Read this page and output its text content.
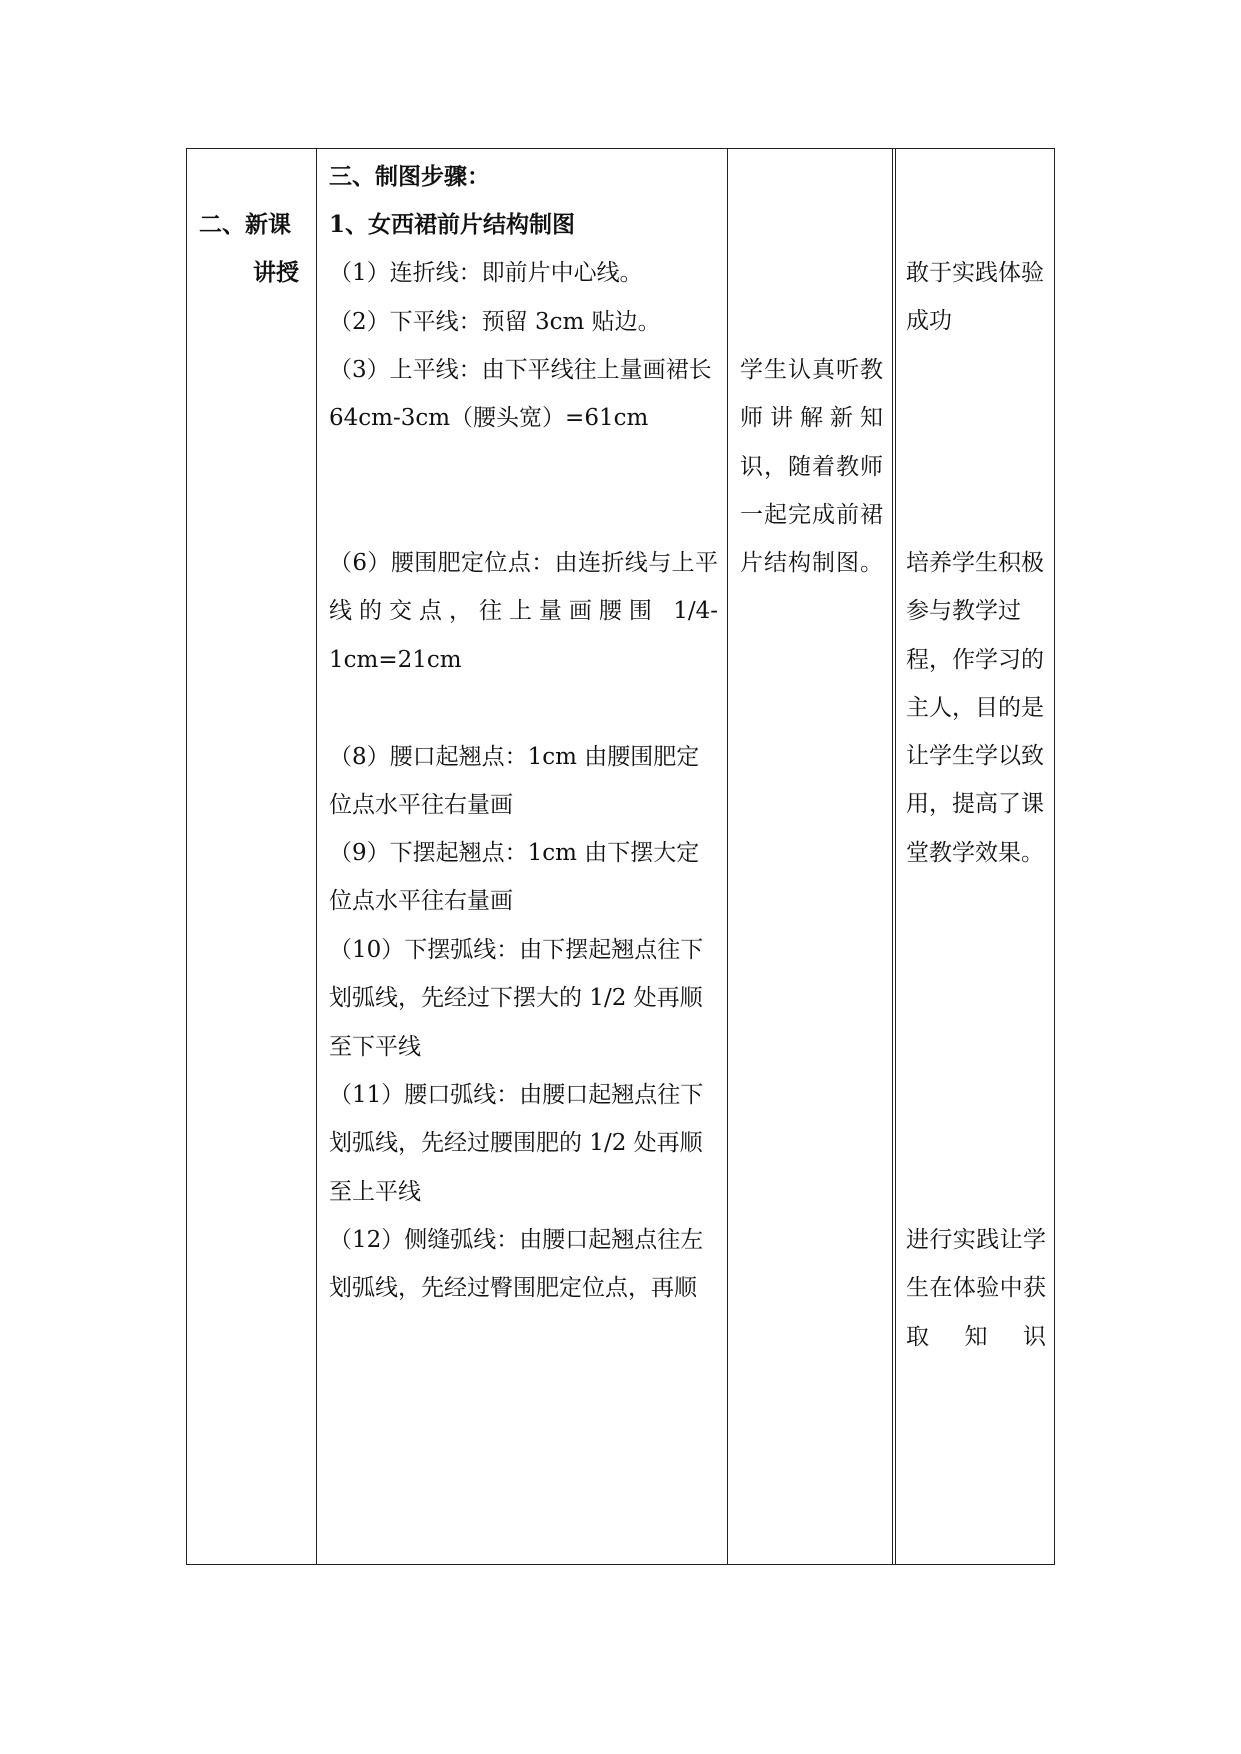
二、新课
讲授

三、制图步骤：

1、女西裙前片结构制图

（1）连折线：即前片中心线。

（2）下平线：预留 3cm 贴边。

（3）上平线：由下平线往上量画裙长 64cm-3cm（腰头宽）=61cm

（6）腰围肥定位点：由连折线与上平线的交点，往上量画腰围 1/4-1cm=21cm

（8）腰口起翘点：1cm 由腰围肥定位点水平往右量画

（9）下摆起翘点：1cm 由下摆大定位点水平往右量画

（10）下摆弧线：由下摆起翘点往下划弧线，先经过下摆大的 1/2 处再顺至下平线

（11）腰口弧线：由腰口起翘点往下划弧线，先经过腰围肥的 1/2 处再顺至上平线

（12）侧缝弧线：由腰口起翘点往左划弧线，先经过臀围肥定位点，再顺

学生认真听教师讲解新知识，随着教师一起完成前裙片结构制图。

敢于实践体验成功

培养学生积极参与教学过程，作学习的主人，目的是让学生学以致用，提高了课堂教学效果。

进行实践让学生在体验中获取知识
